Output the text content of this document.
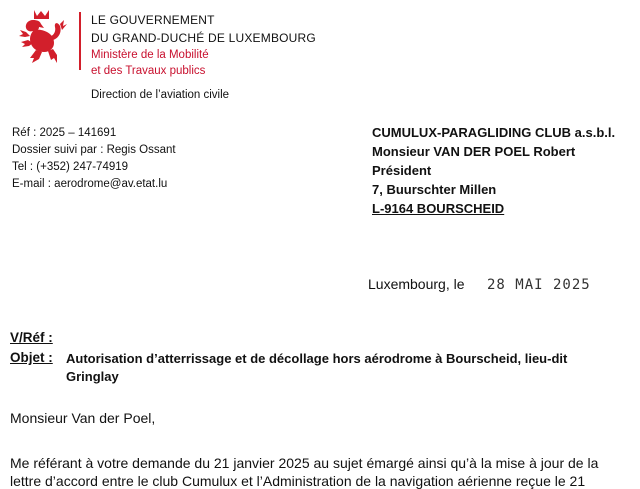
LE GOUVERNEMENT
DU GRAND-DUCHÉ DE LUXEMBOURG
Ministère de la Mobilité
et des Travaux publics
Direction de l’aviation civile
Réf : 2025 – 141691
Dossier suivi par : Regis Ossant
Tel : (+352) 247-74919
E-mail : aerodrome@av.etat.lu
CUMULUX-PARAGLIDING CLUB a.s.b.l.
Monsieur VAN DER POEL Robert
Président
7, Buurschter Millen
L-9164 BOURSCHEID
Luxembourg, le 28 MAI 2025
V/Réf :
Objet : Autorisation d’atterrissage et de décollage hors aérodrome à Bourscheid, lieu-dit Gringlay
Monsieur Van der Poel,
Me référant à votre demande du 21 janvier 2025 au sujet émargé ainsi qu’à la mise à jour de la
lettre d’accord entre le club Cumulux et l’Administration de la navigation aérienne reçue le 21
